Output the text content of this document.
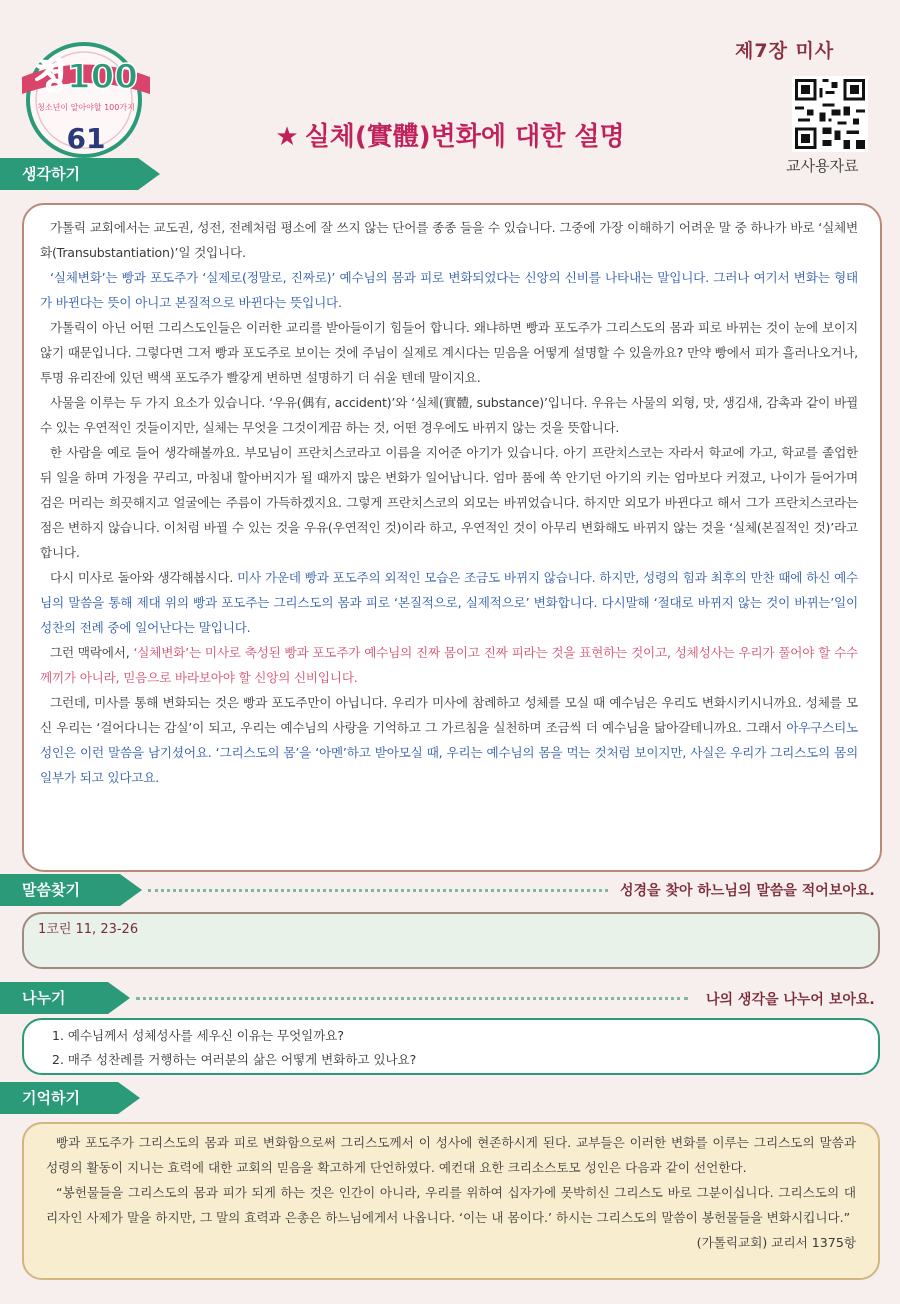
청100
청소년이 알아야할 100가지
61
제7장 미사
교사용자료
★ 실체(實體)변화에 대한 설명
생각하기

가톨릭 교회에서는 교도권, 성전, 전례처럼 평소에 잘 쓰지 않는 단어를 종종 들을 수 있습니다. 그중에 가장 이해하기 어려운 말 중 하나가 바로 ‘실체변화(Transubstantiation)’일 것입니다.

‘실체변화’는 빵과 포도주가 ‘실제로(정말로, 진짜로)’ 예수님의 몸과 피로 변화되었다는 신앙의 신비를 나타내는 말입니다. 그러나 여기서 변화는 형태가 바뀐다는 뜻이 아니고 본질적으로 바뀐다는 뜻입니다.

가톨릭이 아닌 어떤 그리스도인들은 이러한 교리를 받아들이기 힘들어 합니다. 왜냐하면 빵과 포도주가 그리스도의 몸과 피로 바뀌는 것이 눈에 보이지 않기 때문입니다. 그렇다면 그저 빵과 포도주로 보이는 것에 주님이 실제로 계시다는 믿음을 어떻게 설명할 수 있을까요? 만약 빵에서 피가 흘러나오거나, 투명 유리잔에 있던 백색 포도주가 빨갛게 변하면 설명하기 더 쉬울 텐데 말이지요.

사물을 이루는 두 가지 요소가 있습니다. ‘우유(偶有, accident)’와 ‘실체(實體, substance)’입니다. 우유는 사물의 외형, 맛, 생김새, 감촉과 같이 바뀔 수 있는 우연적인 것들이지만, 실체는 무엇을 그것이게끔 하는 것, 어떤 경우에도 바뀌지 않는 것을 뜻합니다.

한 사람을 예로 들어 생각해볼까요. 부모님이 프란치스코라고 이름을 지어준 아기가 있습니다. 아기 프란치스코는 자라서 학교에 가고, 학교를 졸업한 뒤 일을 하며 가정을 꾸리고, 마침내 할아버지가 될 때까지 많은 변화가 일어납니다. 엄마 품에 쏙 안기던 아기의 키는 엄마보다 커졌고, 나이가 들어가며 검은 머리는 희끗해지고 얼굴에는 주름이 가득하겠지요. 그렇게 프란치스코의 외모는 바뀌었습니다. 하지만 외모가 바뀐다고 해서 그가 프란치스코라는 점은 변하지 않습니다. 이처럼 바뀔 수 있는 것을 우유(우연적인 것)이라 하고, 우연적인 것이 아무리 변화해도 바뀌지 않는 것을 ‘실체(본질적인 것)’라고 합니다.

다시 미사로 돌아와 생각해봅시다. 미사 가운데 빵과 포도주의 외적인 모습은 조금도 바뀌지 않습니다. 하지만, 성령의 힘과 최후의 만찬 때에 하신 예수님의 말씀을 통해 제대 위의 빵과 포도주는 그리스도의 몸과 피로 ‘본질적으로, 실제적으로’ 변화합니다. 다시말해 ‘절대로 바뀌지 않는 것이 바뀌는’일이 성찬의 전례 중에 일어난다는 말입니다.

그런 맥락에서, ‘실체변화’는 미사로 축성된 빵과 포도주가 예수님의 진짜 몸이고 진짜 피라는 것을 표현하는 것이고, 성체성사는 우리가 풀어야 할 수수께끼가 아니라, 믿음으로 바라보아야 할 신앙의 신비입니다.

그런데, 미사를 통해 변화되는 것은 빵과 포도주만이 아닙니다. 우리가 미사에 참례하고 성체를 모실 때 예수님은 우리도 변화시키시니까요. 성체를 모신 우리는 ‘걸어다니는 감실’이 되고, 우리는 예수님의 사랑을 기억하고 그 가르침을 실천하며 조금씩 더 예수님을 닮아갈테니까요. 그래서 아우구스티노 성인은 이런 말씀을 남기셨어요. ‘그리스도의 몸’을 ‘아멘’하고 받아모실 때, 우리는 예수님의 몸을 먹는 것처럼 보이지만, 사실은 우리가 그리스도의 몸의 일부가 되고 있다고요.

말씀찾기	성경을 찾아 하느님의 말씀을 적어보아요.
1코린 11, 23-26
나누기	나의 생각을 나누어 보아요.
1. 예수님께서 성체성사를 세우신 이유는 무엇일까요?
2. 매주 성찬례를 거행하는 여러분의 삶은 어떻게 변화하고 있나요?
기억하기

빵과 포도주가 그리스도의 몸과 피로 변화함으로써 그리스도께서 이 성사에 현존하시게 된다. 교부들은 이러한 변화를 이루는 그리스도의 말씀과 성령의 활동이 지니는 효력에 대한 교회의 믿음을 확고하게 단언하였다. 예컨대 요한 크리소스토모 성인은 다음과 같이 선언한다.

“봉헌물들을 그리스도의 몸과 피가 되게 하는 것은 인간이 아니라, 우리를 위하여 십자가에 못박히신 그리스도 바로 그분이십니다. 그리스도의 대리자인 사제가 말을 하지만, 그 말의 효력과 은총은 하느님에게서 나옵니다. ‘이는 내 몸이다.’ 하시는 그리스도의 말씀이 봉헌물들을 변화시킵니다.”

(가톨릭교회) 교리서 1375항
